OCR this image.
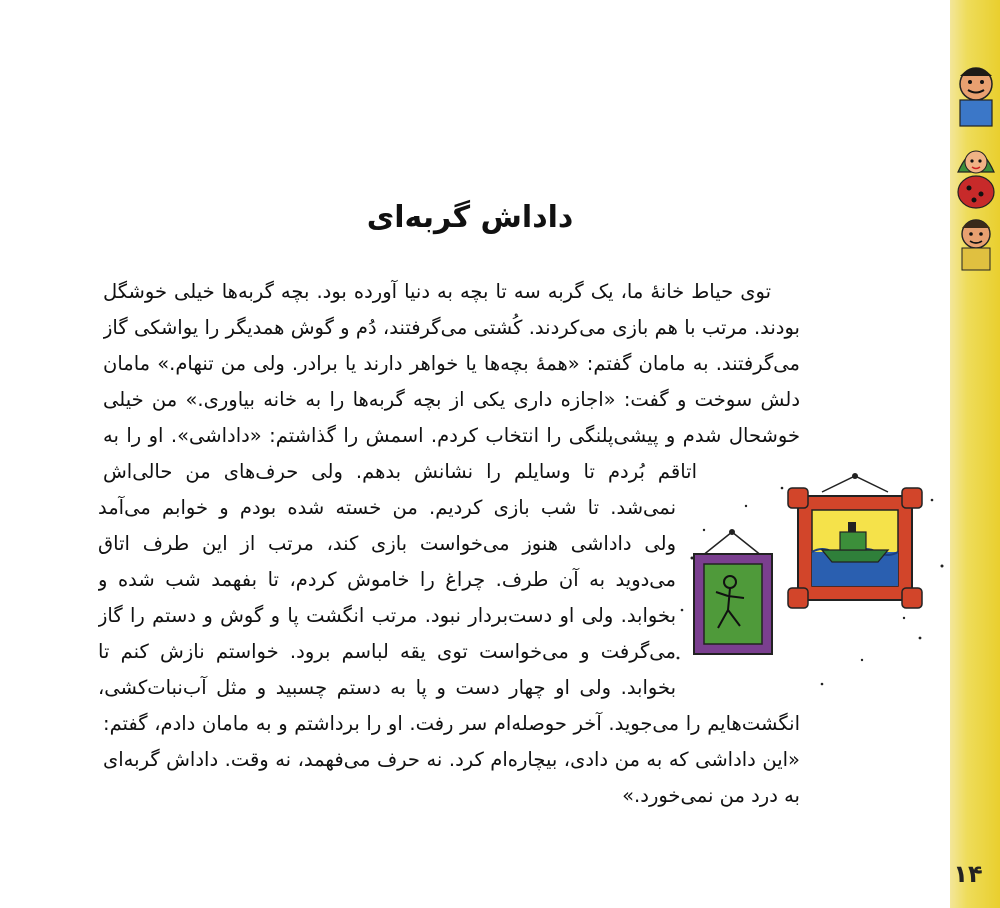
داداش گربه‌ای
توی حیاط خانهٔ ما، یک گربه سه تا بچه به دنیا آورده بود. بچه گربه‌ها خیلی خوشگل
بودند. مرتب با هم بازی می‌کردند. کُشتی می‌گرفتند، دُم و گوش همدیگر را یواشکی گاز
می‌گرفتند. به مامان گفتم: «همهٔ بچه‌ها یا خواهر دارند یا برادر. ولی من تنهام.» مامان
دلش سوخت و گفت: «اجازه داری یکی از بچه گربه‌ها را به خانه بیاوری.» من خیلی
خوشحال شدم و پیشی‌پلنگی را انتخاب کردم. اسمش را گذاشتم: «داداشی». او را به
اتاقم بُردم تا وسایلم را نشانش بدهم. ولی حرف‌های من حالی‌اش
نمی‌شد. تا شب بازی کردیم. من خسته شده بودم و خوابم می‌آمد
ولی داداشی هنوز می‌خواست بازی کند، مرتب از این طرف اتاق
می‌دوید به آن طرف. چراغ را خاموش کردم، تا بفهمد شب شده و
بخوابد. ولی او دست‌بردار نبود. مرتب انگشت پا و گوش و دستم را گاز
می‌گرفت و می‌خواست توی یقه لباسم برود. خواستم نازش کنم تا
بخوابد. ولی او چهار دست و پا به دستم چسبید و مثل آب‌نبات‌کشی،
انگشت‌هایم را می‌جوید. آخر حوصله‌ام سر رفت. او را برداشتم و به مامان دادم، گفتم:
«این داداشی که به من دادی، بیچاره‌ام کرد. نه حرف می‌فهمد، نه وقت. داداش گربه‌ای
به درد من نمی‌خورد.»
۱۴
